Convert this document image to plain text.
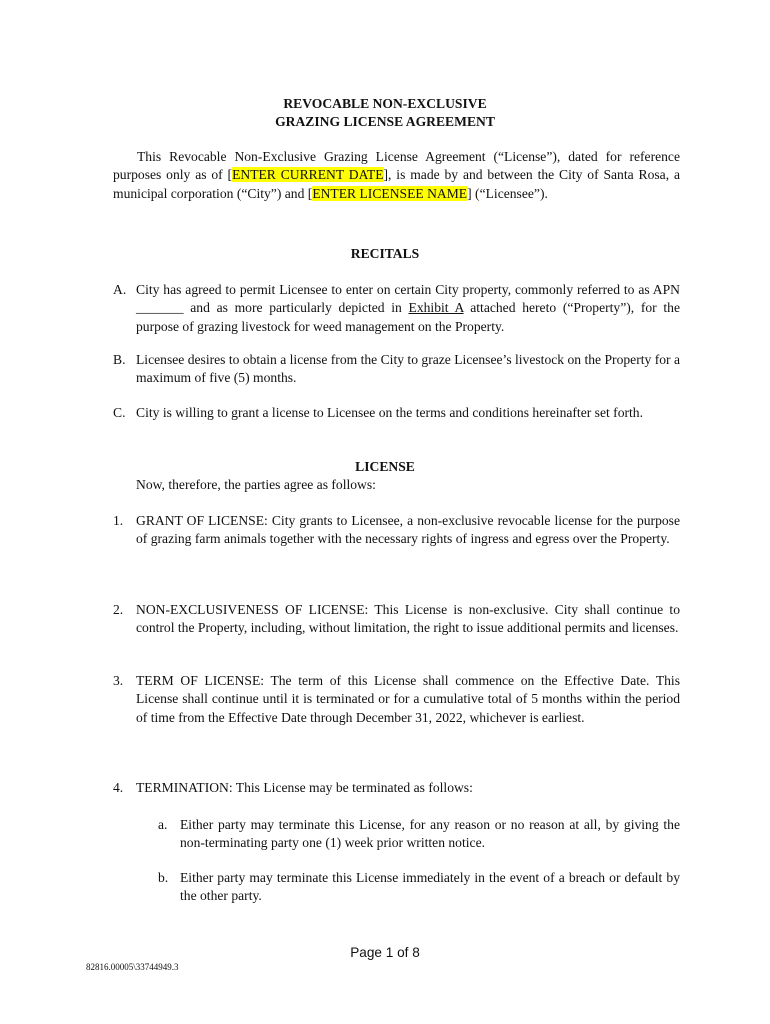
REVOCABLE NON-EXCLUSIVE
GRAZING LICENSE AGREEMENT
This Revocable Non-Exclusive Grazing License Agreement (“License”), dated for reference purposes only as of [ENTER CURRENT DATE], is made by and between the City of Santa Rosa, a municipal corporation (“City”) and [ENTER LICENSEE NAME] (“Licensee”).
RECITALS
A. City has agreed to permit Licensee to enter on certain City property, commonly referred to as APN _______ and as more particularly depicted in Exhibit A attached hereto (“Property”), for the purpose of grazing livestock for weed management on the Property.
B. Licensee desires to obtain a license from the City to graze Licensee’s livestock on the Property for a maximum of five (5) months.
C. City is willing to grant a license to Licensee on the terms and conditions hereinafter set forth.
LICENSE
Now, therefore, the parties agree as follows:
1. GRANT OF LICENSE: City grants to Licensee, a non-exclusive revocable license for the purpose of grazing farm animals together with the necessary rights of ingress and egress over the Property.
2. NON-EXCLUSIVENESS OF LICENSE: This License is non-exclusive. City shall continue to control the Property, including, without limitation, the right to issue additional permits and licenses.
3. TERM OF LICENSE: The term of this License shall commence on the Effective Date. This License shall continue until it is terminated or for a cumulative total of 5 months within the period of time from the Effective Date through December 31, 2022, whichever is earliest.
4. TERMINATION: This License may be terminated as follows:
a. Either party may terminate this License, for any reason or no reason at all, by giving the non-terminating party one (1) week prior written notice.
b. Either party may terminate this License immediately in the event of a breach or default by the other party.
Page 1 of 8
82816.00005\33744949.3
